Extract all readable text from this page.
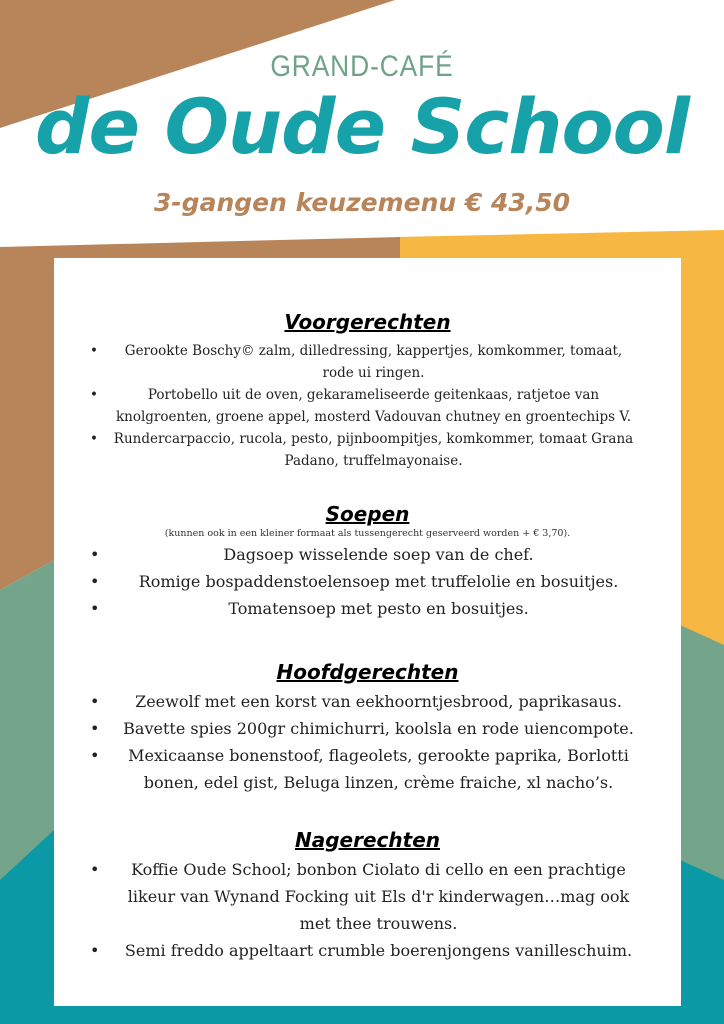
GRAND-CAFÉ
de Oude School
3-gangen keuzemenu € 43,50
Voorgerechten
• Gerookte Boschy© zalm, dilledressing, kappertjes, komkommer, tomaat, rode ui ringen.
•	Portobello uit de oven, gekarameliseerde geitenkaas, ratjetoe van knolgroenten, groene appel, mosterd Vadouvan chutney en groentechips V.
• Rundercarpaccio, rucola, pesto, pijnboompitjes, komkommer, tomaat Grana Padano, truffelmayonaise.
Soepen
(kunnen ook in een kleiner formaat als tussengerecht geserveerd worden + € 3,70).
•	Dagsoep wisselende soep van de chef.
• Romige bospaddenstoelensoep met truffelolie en bosuitjes.
•	Tomatensoep met pesto en bosuitjes.
Hoofdgerechten
• Zeewolf met een korst van eekhoorntjesbrood, paprikasaus.
• Bavette spies 200gr chimichurri, koolsla en rode uiencompote.
• Mexicaanse bonenstoof, flageolets, gerookte paprika, Borlotti bonen, edel gist, Beluga linzen, crème fraiche, xl nacho’s.
Nagerechten
• Koffie Oude School; bonbon Ciolato di cello en een prachtige likeur van Wynand Focking uit Els d'r kinderwagen…mag ook met thee trouwens.
• Semi freddo appeltaart crumble boerenjongens vanilleschuim.
